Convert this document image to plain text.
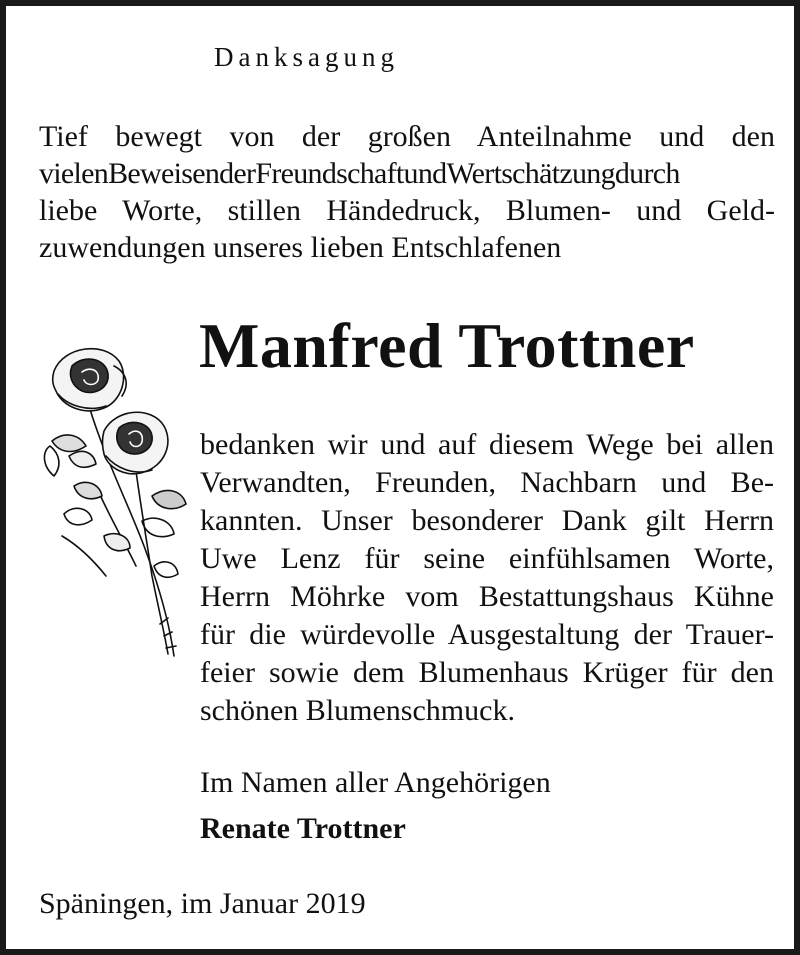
Danksagung
Tief bewegt von der großen Anteilnahme und den
vielenBeweisenderFreundschaftundWertschätzungdurch
liebe Worte, stillen Händedruck, Blumen- und Geld-
zuwendungen unseres lieben Entschlafenen
Manfred Trottner
bedanken wir und auf diesem Wege bei allen
Verwandten, Freunden, Nachbarn und Be-
kannten. Unser besonderer Dank gilt Herrn
Uwe Lenz für seine einfühlsamen Worte,
Herrn Möhrke vom Bestattungshaus Kühne
für die würdevolle Ausgestaltung der Trauer-
feier sowie dem Blumenhaus Krüger für den
schönen Blumenschmuck.
Im Namen aller Angehörigen
Renate Trottner
Späningen, im Januar 2019
